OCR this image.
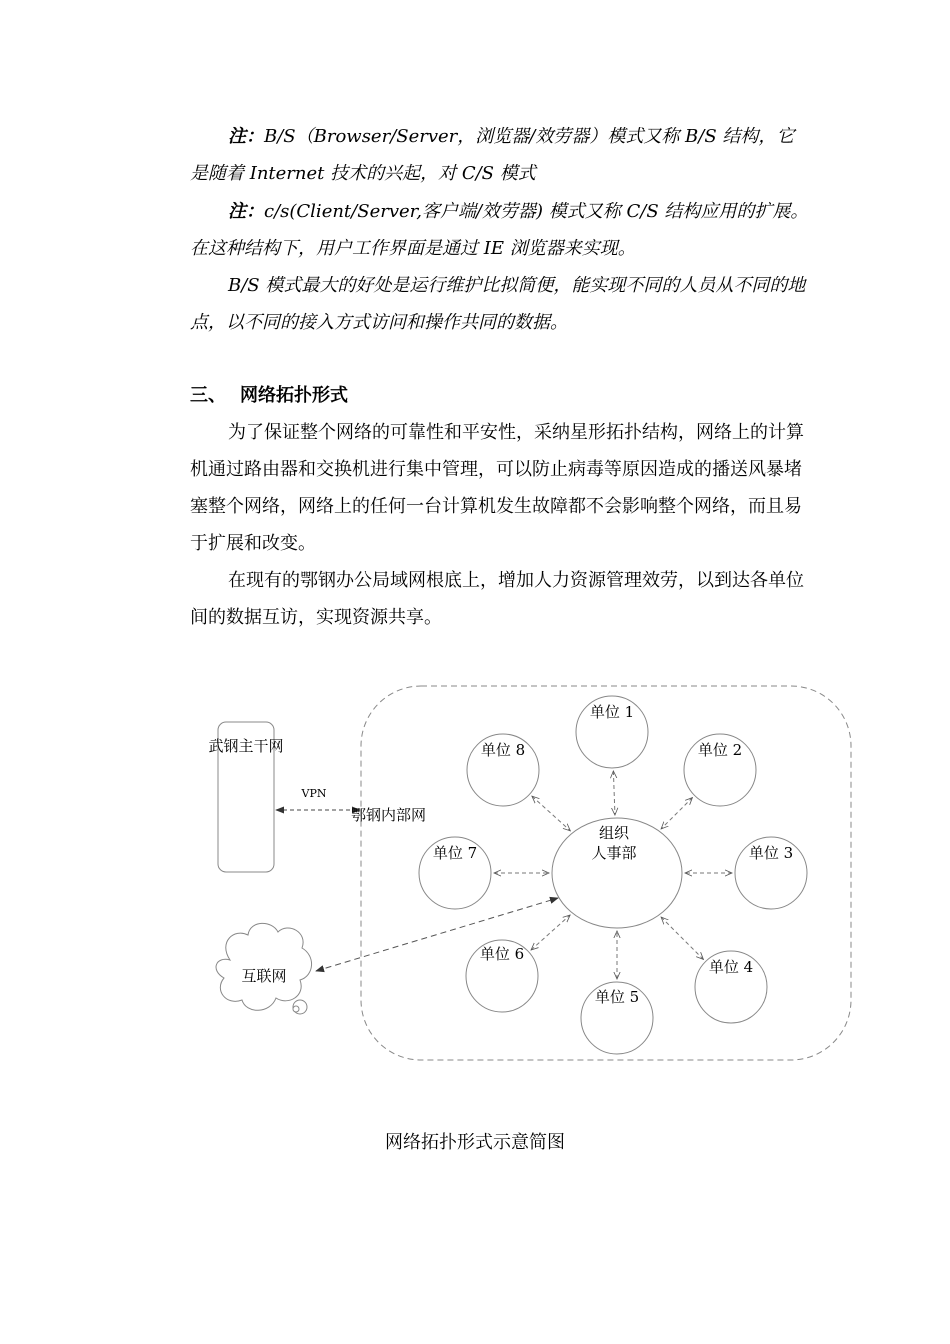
注：B/S（Browser/Server，浏览器/效劳器）模式又称 B/S 结构，它是随着 Internet 技术的兴起，对 C/S 模式

注：c/s(Client/Server,客户端/效劳器) 模式又称 C/S 结构应用的扩展。在这种结构下，用户工作界面是通过 IE 浏览器来实现。

B/S 模式最大的好处是运行维护比拟简便，能实现不同的人员从不同的地点，以不同的接入方式访问和操作共同的数据。

三、 网络拓扑形式

为了保证整个网络的可靠性和平安性，采纳星形拓扑结构，网络上的计算机通过路由器和交换机进行集中管理，可以防止病毒等原因造成的播送风暴堵塞整个网络，网络上的任何一台计算机发生故障都不会影响整个网络，而且易于扩展和改变。

在现有的鄂钢办公局域网根底上，增加人力资源管理效劳，以到达各单位间的数据互访，实现资源共享。

武钢主干网
VPN
鄂钢内部网
互联网
组织
人事部
单位 1
单位 2
单位 3
单位 4
单位 5
单位 6
单位 7
单位 8

网络拓扑形式示意简图
